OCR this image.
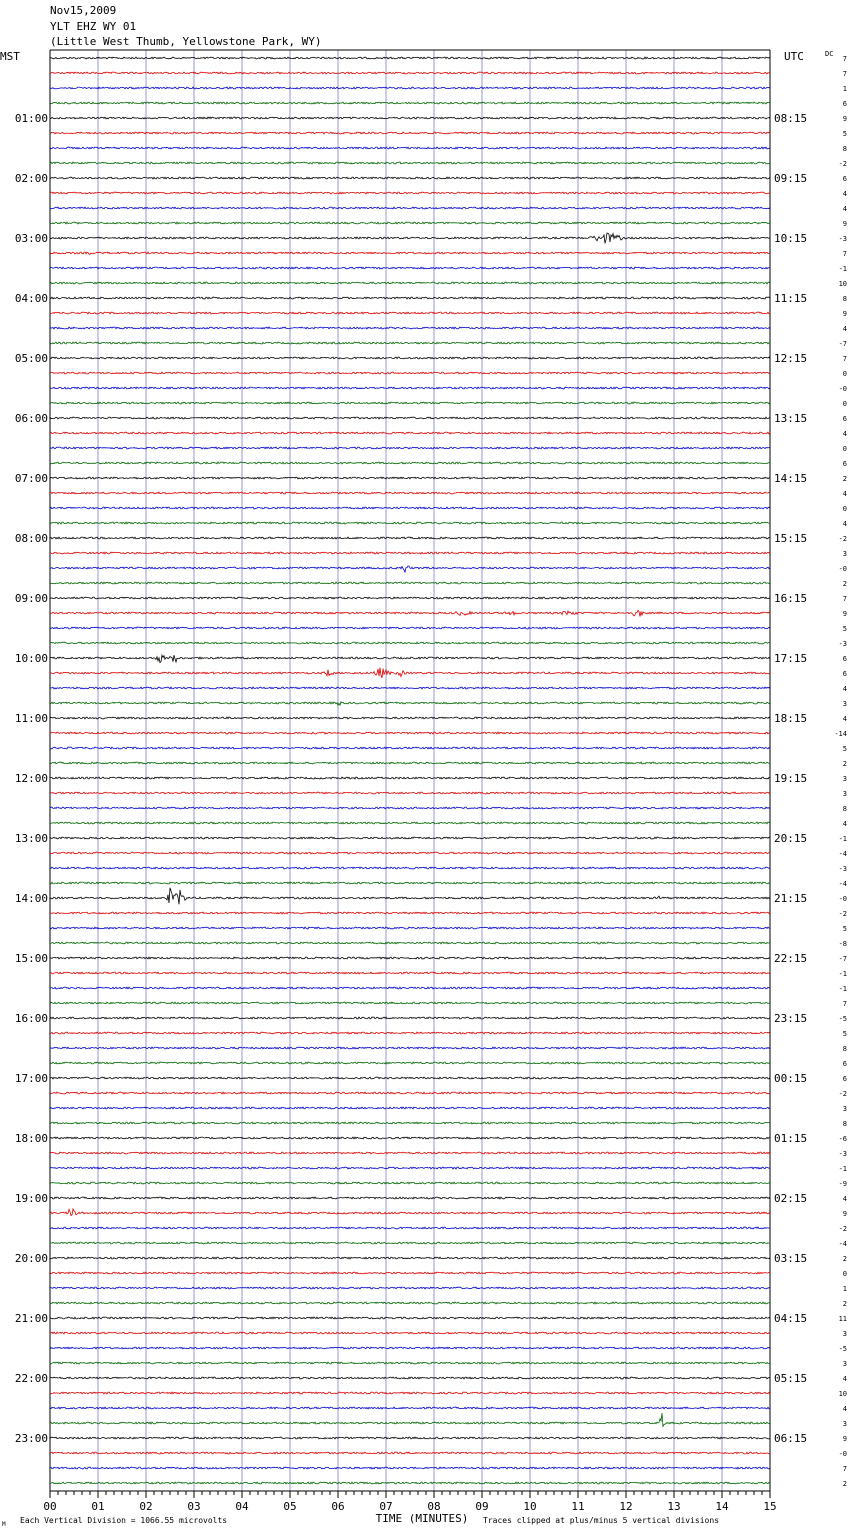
Nov15,2009
YLT EHZ WY 01
(Little West Thumb, Yellowstone Park, WY)
MST	UTC	7
7
1
6
9
5
8
-2
6
4
4
9
-3
7
-1
10
8
9
4
-7
7
0
-0
0
6
4
0
6
2
4
0
4
-2
3
-0
2
7
9
5
-3
6
6
4
3
4
-14
5
2
3
3
8
4
-1
-4
-3
-4
-0
-2
5
-8
-7
-1
-1
7
-5
5
8
6
6
-2
3
8
-6
-3
-1
-9
4
9
-2
-4
2
0
1
2
11
3
-5
3
4
10
4
3
9
-0
7
2
01:00	08:15
02:00	09:15
03:00	10:15
04:00	11:15
05:00	12:15
06:00	13:15
07:00	14:15
08:00	15:15
09:00	16:15
10:00	17:15
11:00	18:15
12:00	19:15
13:00	20:15
14:00	21:15
15:00	22:15
16:00	23:15
17:00	00:15
18:00	01:15
19:00	02:15
20:00	03:15
21:00	04:15
22:00	05:15
23:00	06:15
00	01	02	03	04	05	06	07	08	09	10	11	12	13	14	15
DC
TIME (MINUTES)
Each Vertical Division = 1066.55 microvolts	Traces clipped at plus/minus 5 vertical divisions
M
